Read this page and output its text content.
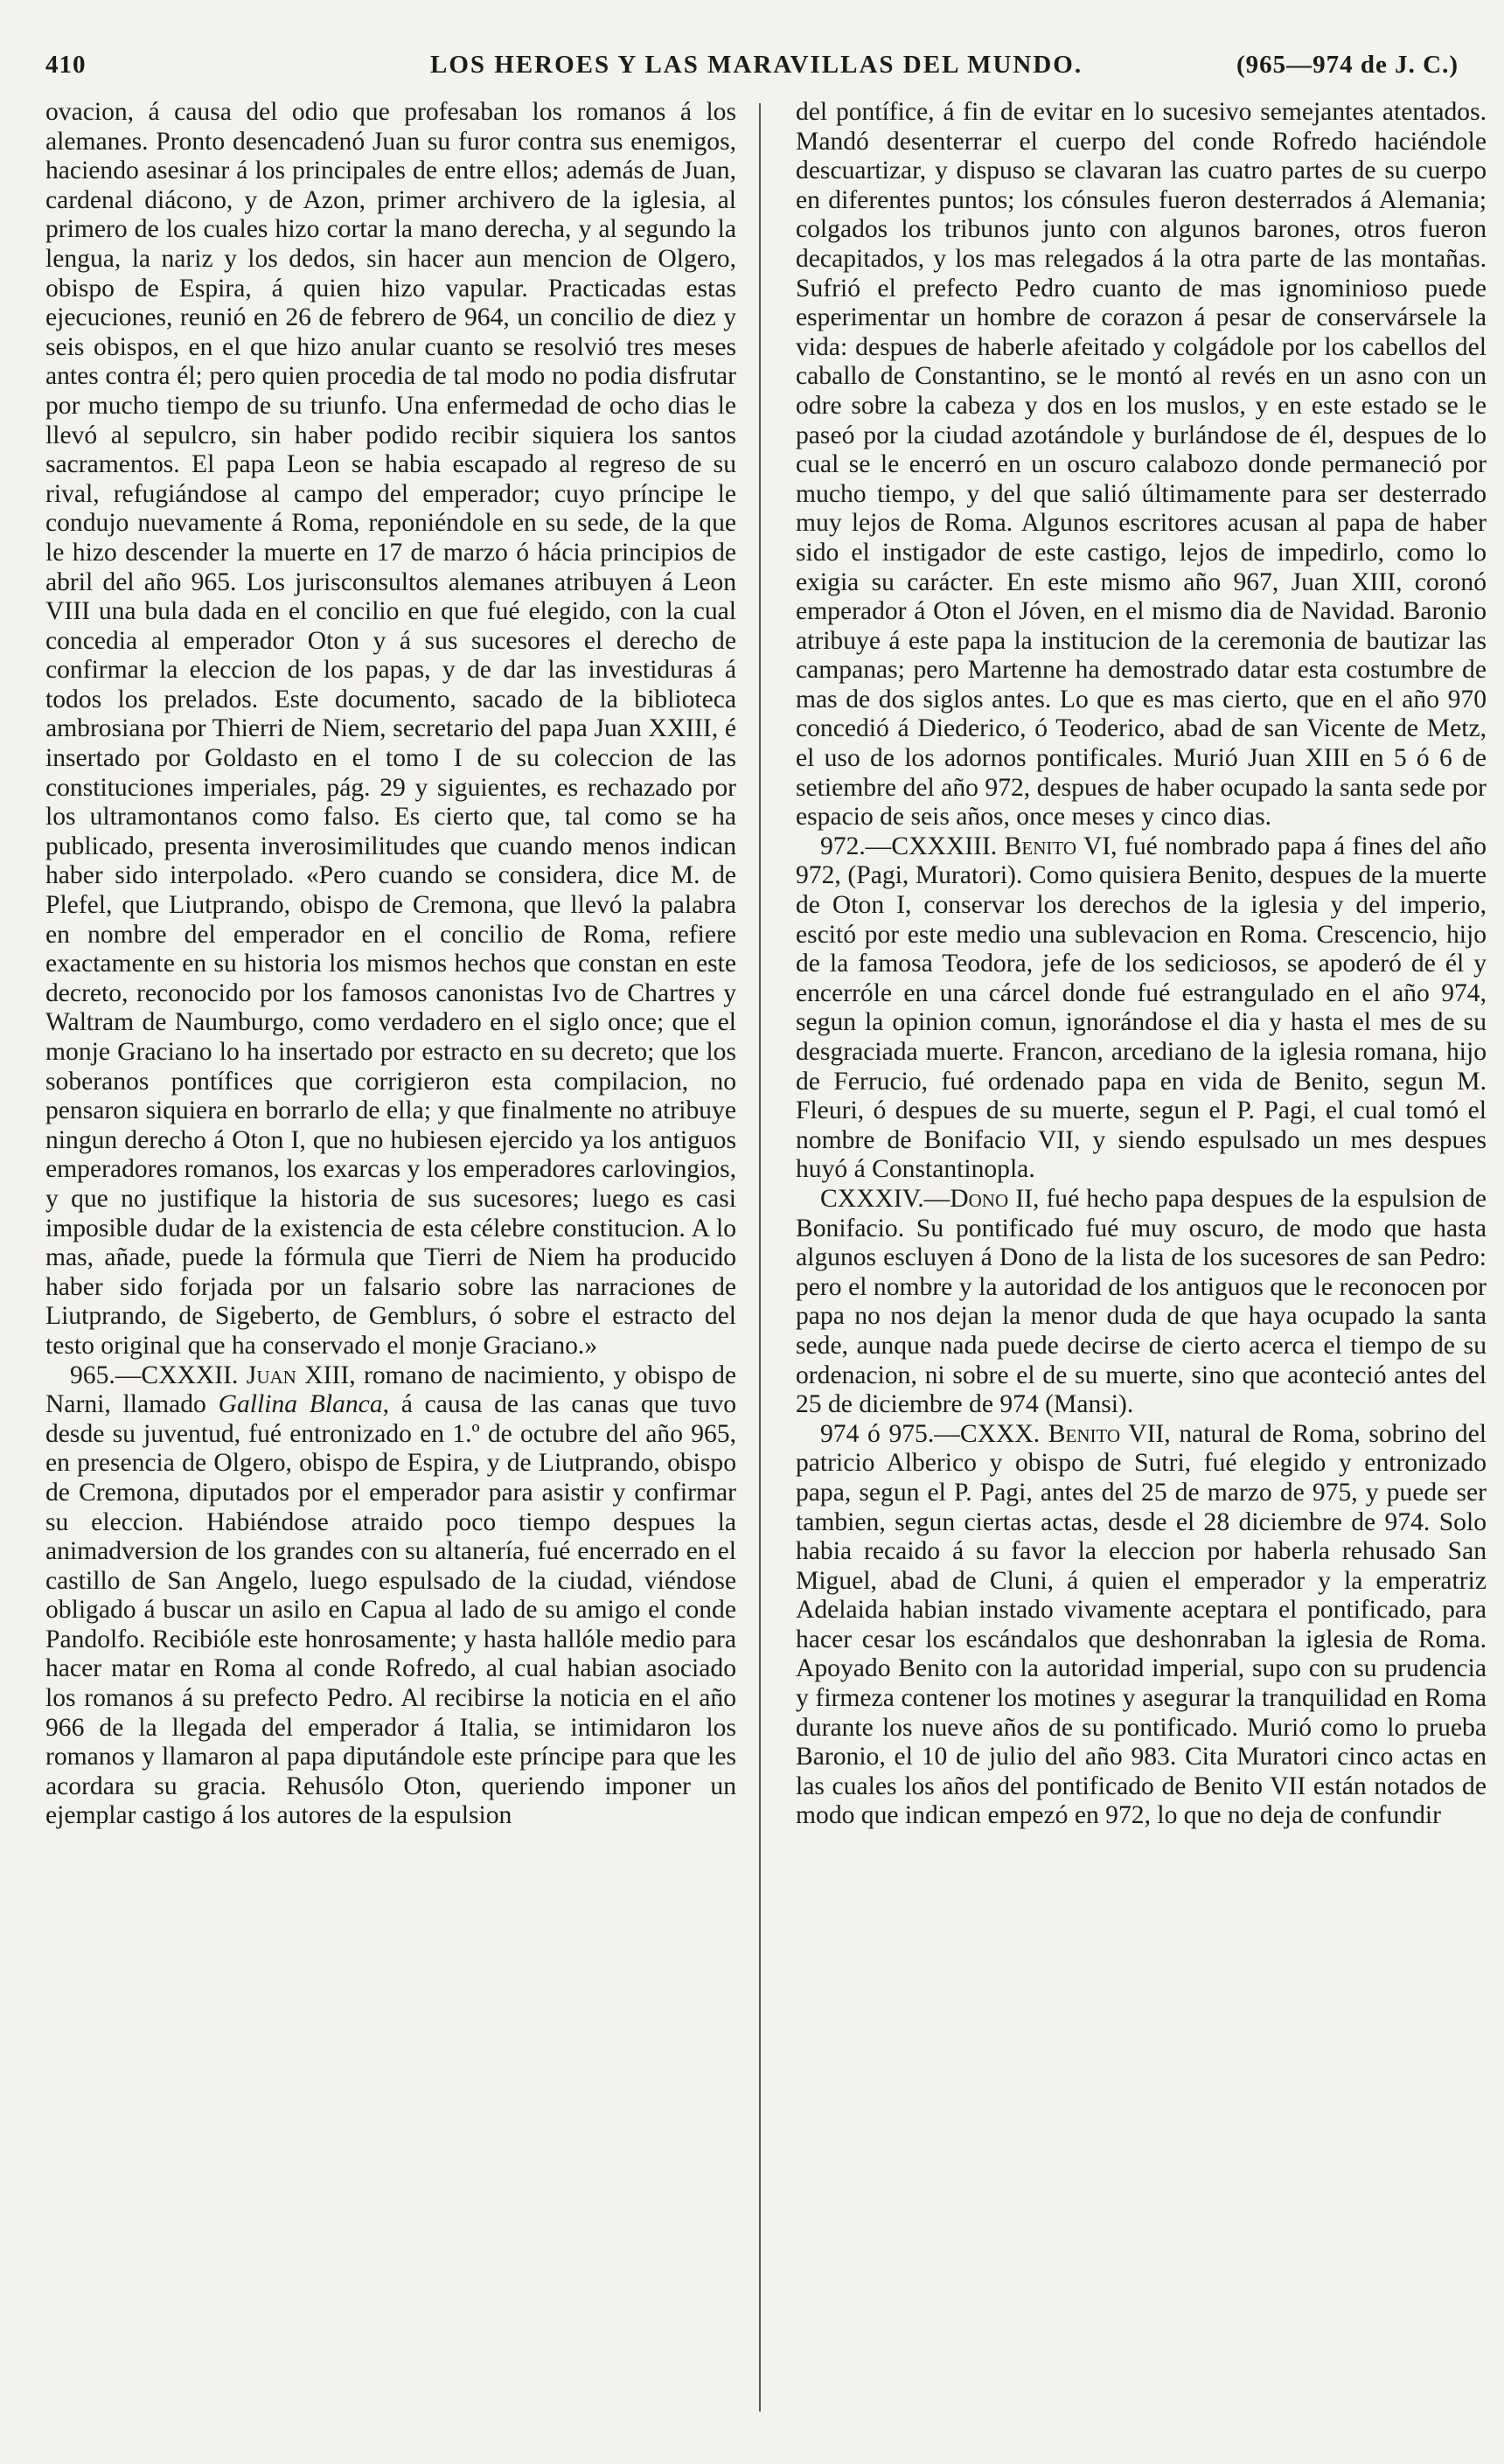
410	LOS HEROES Y LAS MARAVILLAS DEL MUNDO.	(965—974 de J. C.)

ovacion, á causa del odio que profesaban los romanos á los alemanes. Pronto desencadenó Juan su furor contra sus enemigos, haciendo asesinar á los principales de entre ellos; además de Juan, cardenal diácono, y de Azon, primer archivero de la iglesia, al primero de los cuales hizo cortar la mano derecha, y al segundo la lengua, la nariz y los dedos, sin hacer aun mencion de Olgero, obispo de Espira, á quien hizo vapular. Practicadas estas ejecuciones, reunió en 26 de febrero de 964, un concilio de diez y seis obispos, en el que hizo anular cuanto se resolvió tres meses antes contra él; pero quien procedia de tal modo no podia disfrutar por mucho tiempo de su triunfo. Una enfermedad de ocho dias le llevó al sepulcro, sin haber podido recibir siquiera los santos sacramentos. El papa Leon se habia escapado al regreso de su rival, refugiándose al campo del emperador; cuyo príncipe le condujo nuevamente á Roma, reponiéndole en su sede, de la que le hizo descender la muerte en 17 de marzo ó hácia principios de abril del año 965. Los jurisconsultos alemanes atribuyen á Leon VIII una bula dada en el concilio en que fué elegido, con la cual concedia al emperador Oton y á sus sucesores el derecho de confirmar la eleccion de los papas, y de dar las investiduras á todos los prelados. Este documento, sacado de la biblioteca ambrosiana por Thierri de Niem, secretario del papa Juan XXIII, é insertado por Goldasto en el tomo I de su coleccion de las constituciones imperiales, pág. 29 y siguientes, es rechazado por los ultramontanos como falso. Es cierto que, tal como se ha publicado, presenta inverosimilitudes que cuando menos indican haber sido interpolado. «Pero cuando se considera, dice M. de Plefel, que Liutprando, obispo de Cremona, que llevó la palabra en nombre del emperador en el concilio de Roma, refiere exactamente en su historia los mismos hechos que constan en este decreto, reconocido por los famosos canonistas Ivo de Chartres y Waltram de Naumburgo, como verdadero en el siglo once; que el monje Graciano lo ha insertado por estracto en su decreto; que los soberanos pontífices que corrigieron esta compilacion, no pensaron siquiera en borrarlo de ella; y que finalmente no atribuye ningun derecho á Oton I, que no hubiesen ejercido ya los antiguos emperadores romanos, los exarcas y los emperadores carlovingios, y que no justifique la historia de sus sucesores; luego es casi imposible dudar de la existencia de esta célebre constitucion. A lo mas, añade, puede la fórmula que Tierri de Niem ha producido haber sido forjada por un falsario sobre las narraciones de Liutprando, de Sigeberto, de Gemblurs, ó sobre el estracto del testo original que ha conservado el monje Graciano.»

965.—CXXXII. Juan XIII, romano de nacimiento, y obispo de Narni, llamado Gallina Blanca, á causa de las canas que tuvo desde su juventud, fué entronizado en 1.º de octubre del año 965, en presencia de Olgero, obispo de Espira, y de Liutprando, obispo de Cremona, diputados por el emperador para asistir y confirmar su eleccion. Habiéndose atraido poco tiempo despues la animadversion de los grandes con su altanería, fué encerrado en el castillo de San Angelo, luego espulsado de la ciudad, viéndose obligado á buscar un asilo en Capua al lado de su amigo el conde Pandolfo. Recibióle este honrosamente; y hasta hallóle medio para hacer matar en Roma al conde Rofredo, al cual habian asociado los romanos á su prefecto Pedro. Al recibirse la noticia en el año 966 de la llegada del emperador á Italia, se intimidaron los romanos y llamaron al papa diputándole este príncipe para que les acordara su gracia. Rehusólo Oton, queriendo imponer un ejemplar castigo á los autores de la espulsion

del pontífice, á fin de evitar en lo sucesivo semejantes atentados. Mandó desenterrar el cuerpo del conde Rofredo haciéndole descuartizar, y dispuso se clavaran las cuatro partes de su cuerpo en diferentes puntos; los cónsules fueron desterrados á Alemania; colgados los tribunos junto con algunos barones, otros fueron decapitados, y los mas relegados á la otra parte de las montañas. Sufrió el prefecto Pedro cuanto de mas ignominioso puede esperimentar un hombre de corazon á pesar de conservársele la vida: despues de haberle afeitado y colgádole por los cabellos del caballo de Constantino, se le montó al revés en un asno con un odre sobre la cabeza y dos en los muslos, y en este estado se le paseó por la ciudad azotándole y burlándose de él, despues de lo cual se le encerró en un oscuro calabozo donde permaneció por mucho tiempo, y del que salió últimamente para ser desterrado muy lejos de Roma. Algunos escritores acusan al papa de haber sido el instigador de este castigo, lejos de impedirlo, como lo exigia su carácter. En este mismo año 967, Juan XIII, coronó emperador á Oton el Jóven, en el mismo dia de Navidad. Baronio atribuye á este papa la institucion de la ceremonia de bautizar las campanas; pero Martenne ha demostrado datar esta costumbre de mas de dos siglos antes. Lo que es mas cierto, que en el año 970 concedió á Diederico, ó Teoderico, abad de san Vicente de Metz, el uso de los adornos pontificales. Murió Juan XIII en 5 ó 6 de setiembre del año 972, despues de haber ocupado la santa sede por espacio de seis años, once meses y cinco dias.

972.—CXXXIII. Benito VI, fué nombrado papa á fines del año 972, (Pagi, Muratori). Como quisiera Benito, despues de la muerte de Oton I, conservar los derechos de la iglesia y del imperio, escitó por este medio una sublevacion en Roma. Crescencio, hijo de la famosa Teodora, jefe de los sediciosos, se apoderó de él y encerróle en una cárcel donde fué estrangulado en el año 974, segun la opinion comun, ignorándose el dia y hasta el mes de su desgraciada muerte. Francon, arcediano de la iglesia romana, hijo de Ferrucio, fué ordenado papa en vida de Benito, segun M. Fleuri, ó despues de su muerte, segun el P. Pagi, el cual tomó el nombre de Bonifacio VII, y siendo espulsado un mes despues huyó á Constantinopla.

CXXXIV.—Dono II, fué hecho papa despues de la espulsion de Bonifacio. Su pontificado fué muy oscuro, de modo que hasta algunos escluyen á Dono de la lista de los sucesores de san Pedro: pero el nombre y la autoridad de los antiguos que le reconocen por papa no nos dejan la menor duda de que haya ocupado la santa sede, aunque nada puede decirse de cierto acerca el tiempo de su ordenacion, ni sobre el de su muerte, sino que aconteció antes del 25 de diciembre de 974 (Mansi).

974 ó 975.—CXXX. Benito VII, natural de Roma, sobrino del patricio Alberico y obispo de Sutri, fué elegido y entronizado papa, segun el P. Pagi, antes del 25 de marzo de 975, y puede ser tambien, segun ciertas actas, desde el 28 diciembre de 974. Solo habia recaido á su favor la eleccion por haberla rehusado San Miguel, abad de Cluni, á quien el emperador y la emperatriz Adelaida habian instado vivamente aceptara el pontificado, para hacer cesar los escándalos que deshonraban la iglesia de Roma. Apoyado Benito con la autoridad imperial, supo con su prudencia y firmeza contener los motines y asegurar la tranquilidad en Roma durante los nueve años de su pontificado. Murió como lo prueba Baronio, el 10 de julio del año 983. Cita Muratori cinco actas en las cuales los años del pontificado de Benito VII están notados de modo que indican empezó en 972, lo que no deja de confundir
